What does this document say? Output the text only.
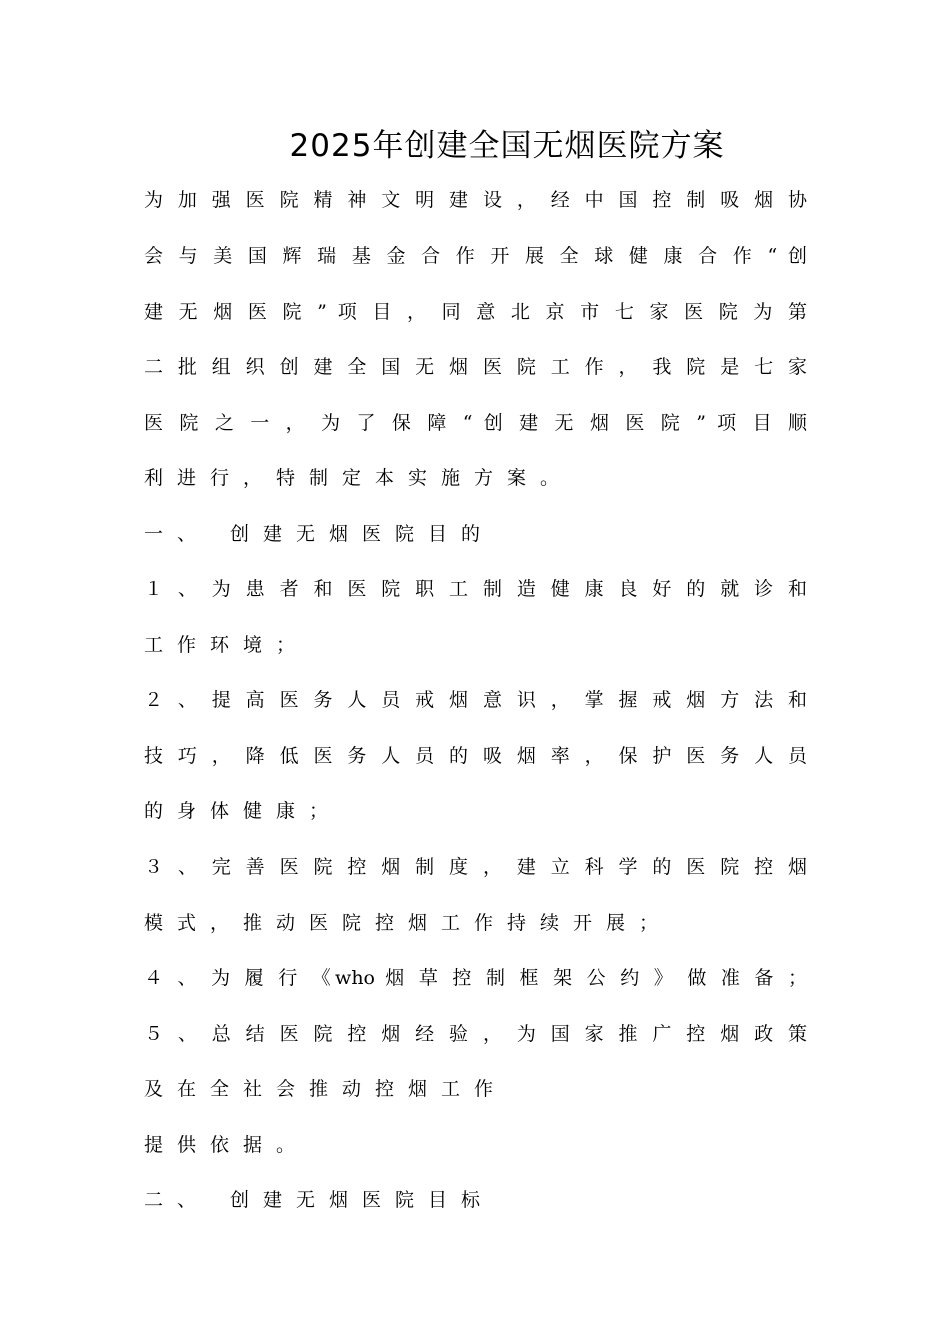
2025年创建全国无烟医院方案
为 加 强 医 院 精 神 文 明 建 设 ， 经 中 国 控 制 吸 烟 协
会 与 美 国 辉 瑞 基 金 合 作 开 展 全 球 健 康 合 作 “ 创
建 无 烟 医 院 ” 项 目 ， 同 意 北 京 市 七 家 医 院 为 第
二 批 组 织 创 建 全 国 无 烟 医 院 工 作 ， 我 院 是 七 家
医 院 之 一 ， 为 了 保 障 “ 创 建 无 烟 医 院 ” 项 目 顺
利进行，特制定本实施方案。
一、 创建无烟医院目的
１ 、 为 患 者 和 医 院 职 工 制 造 健 康 良 好 的 就 诊 和
工作环境；
２ 、 提 高 医 务 人 员 戒 烟 意 识 ， 掌 握 戒 烟 方 法 和
技 巧 ， 降 低 医 务 人 员 的 吸 烟 率 ， 保 护 医 务 人 员
的身体健康；
３ 、 完 善 医 院 控 烟 制 度 ， 建 立 科 学 的 医 院 控 烟
模式，推动医院控烟工作持续开展；
４ 、 为 履 行 《who 烟 草 控 制 框 架 公 约 》 做 准 备 ；
５ 、 总 结 医 院 控 烟 经 验 ， 为 国 家 推 广 控 烟 政 策
及在全社会推动控烟工作
提供依据。
二、 创建无烟医院目标
